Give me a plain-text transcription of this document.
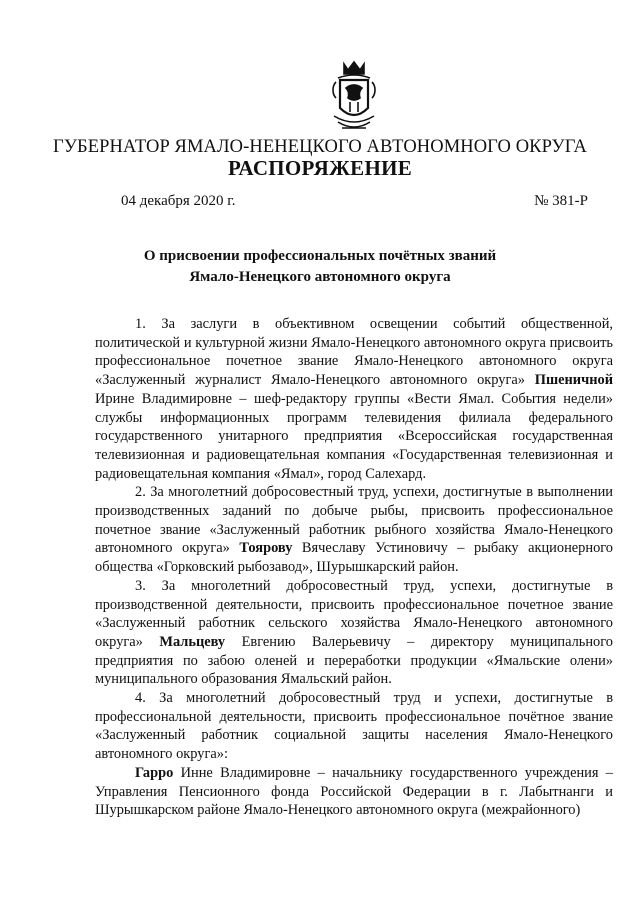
ГУБЕРНАТОР ЯМАЛО-НЕНЕЦКОГО АВТОНОМНОГО ОКРУГА
РАСПОРЯЖЕНИЕ
04 декабря 2020 г.	№ 381-Р
О присвоении профессиональных почётных званий
Ямало-Ненецкого автономного округа

1. За заслуги в объективном освещении событий общественной, политической и культурной жизни Ямало-Ненецкого автономного округа присвоить профессиональное почетное звание Ямало-Ненецкого автономного округа «Заслуженный журналист Ямало-Ненецкого автономного округа» Пшеничной Ирине Владимировне – шеф-редактору группы «Вести Ямал. События недели» службы информационных программ телевидения филиала федерального государственного унитарного предприятия «Всероссийская государственная телевизионная и радиовещательная компания «Государственная телевизионная и радиовещательная компания «Ямал», город Салехард.

2. За многолетний добросовестный труд, успехи, достигнутые в выполнении производственных заданий по добыче рыбы, присвоить профессиональное почетное звание «Заслуженный работник рыбного хозяйства Ямало-Ненецкого автономного округа» Тоярову Вячеславу Устиновичу – рыбаку акционерного общества «Горковский рыбозавод», Шурышкарский район.

3. За многолетний добросовестный труд, успехи, достигнутые в производственной деятельности, присвоить профессиональное почетное звание «Заслуженный работник сельского хозяйства Ямало-Ненецкого автономного округа» Мальцеву Евгению Валерьевичу – директору муниципального предприятия по забою оленей и переработки продукции «Ямальские олени» муниципального образования Ямальский район.

4. За многолетний добросовестный труд и успехи, достигнутые в профессиональной деятельности, присвоить профессиональное почётное звание «Заслуженный работник социальной защиты населения Ямало-Ненецкого автономного округа»:

Гарро Инне Владимировне – начальнику государственного учреждения – Управления Пенсионного фонда Российской Федерации в г. Лабытнанги и Шурышкарском районе Ямало-Ненецкого автономного округа (межрайонного)
